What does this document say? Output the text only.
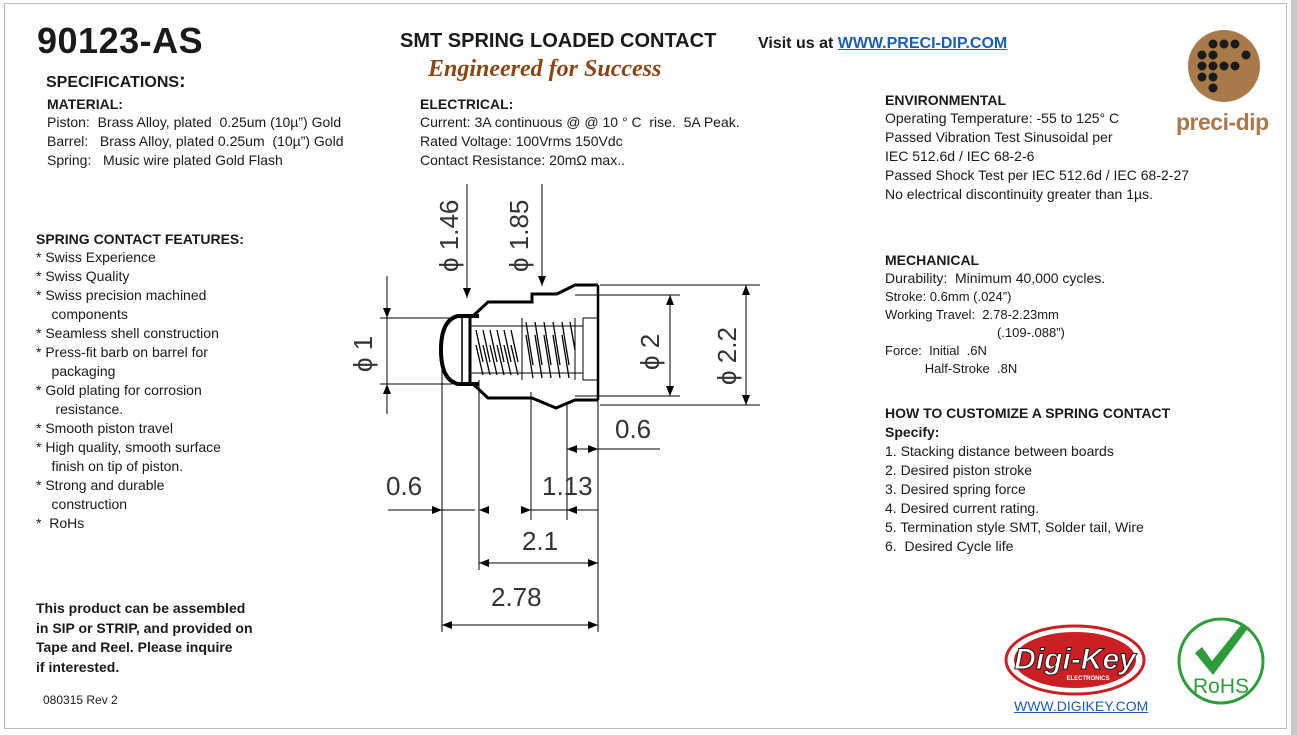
90123-AS
SPECIFICATIONS:
SMT SPRING LOADED CONTACT
Engineered for Success
Visit us at WWW.PRECI-DIP.COM
preci-dip
MATERIAL:
Piston:  Brass Alloy, plated  0.25um (10µ”) Gold
Barrel:   Brass Alloy, plated 0.25um  (10µ”) Gold
Spring:   Music wire plated Gold Flash
ELECTRICAL:
Current: 3A continuous @ @ 10 ° C  rise.  5A Peak.
Rated Voltage: 100Vrms 150Vdc
Contact Resistance: 20mΩ max..
ENVIRONMENTAL
Operating Temperature: -55 to 125° C
Passed Vibration Test Sinusoidal per
IEC 512.6d / IEC 68-2-6
Passed Shock Test per IEC 512.6d / IEC 68-2-27
No electrical discontinuity greater than 1µs.
SPRING CONTACT FEATURES:
* Swiss Experience
* Swiss Quality
* Swiss precision machined
components
* Seamless shell construction
* Press-fit barb on barrel for
packaging
* Gold plating for corrosion
resistance.
* Smooth piston travel
* High quality, smooth surface
finish on tip of piston.
* Strong and durable
construction
*  RoHs
MECHANICAL
Durability:  Minimum 40,000 cycles.
Stroke: 0.6mm (.024”)
Working Travel:  2.78-2.23mm
(.109-.088”)
Force:  Initial  .6N
Half-Stroke  .8N
HOW TO CUSTOMIZE A SPRING CONTACT
Specify:
1. Stacking distance between boards
2. Desired piston stroke
3. Desired spring force
4. Desired current rating.
5. Termination style SMT, Solder tail, Wire
6.  Desired Cycle life
This product can be assembled
in SIP or STRIP, and provided on
Tape and Reel. Please inquire
if interested.
080315 Rev 2
ϕ 1.46 ϕ 1.85
ϕ 1	ϕ 2 ϕ 2.2
0.6
0.6	1.13
2.1
2.78
Digi-Key
ELECTRONICS
WWW.DIGIKEY.COM
RoHS
